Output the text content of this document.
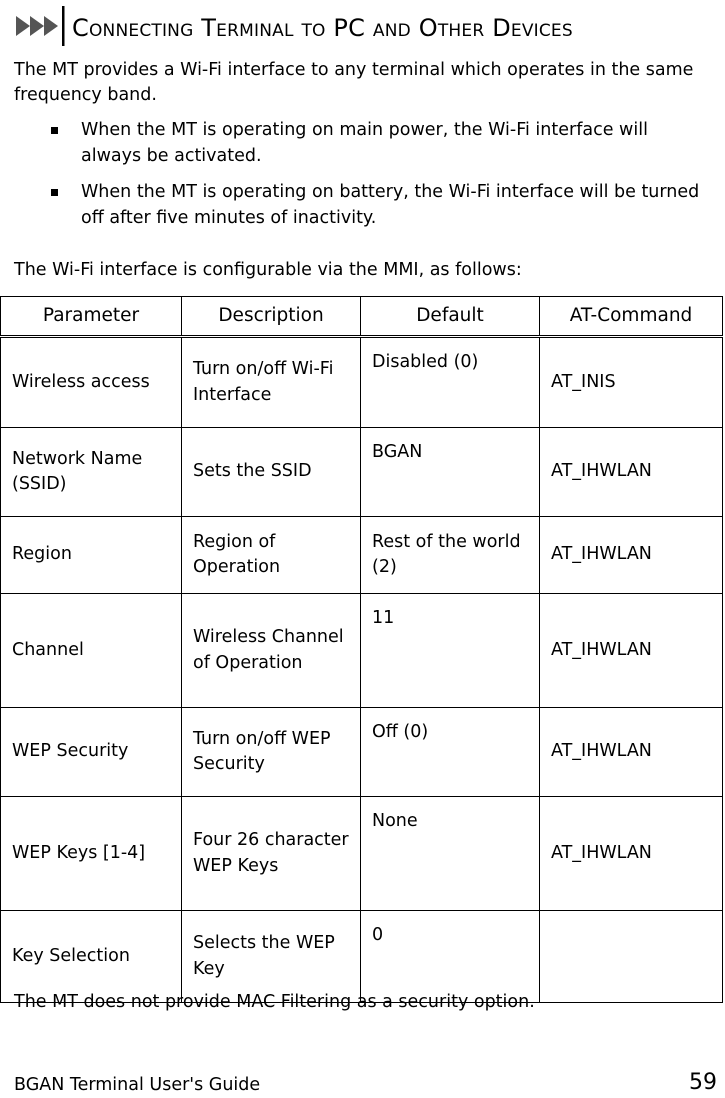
Connecting Terminal to PC and Other Devices

The MT provides a Wi-Fi interface to any terminal which operates in the same frequency band.

When the MT is operating on main power, the Wi-Fi interface will always be activated.
When the MT is operating on battery, the Wi-Fi interface will be turned off after five minutes of inactivity.

The Wi-Fi interface is configurable via the MMI, as follows:

Parameter	Description	Default	AT-Command
Wireless access	Turn on/off Wi-Fi Interface	Disabled (0)	AT_INIS
Network Name (SSID)	Sets the SSID	BGAN	AT_IHWLAN
Region	Region of Operation	Rest of the world (2)	AT_IHWLAN
Channel	Wireless Channel of Operation	11	AT_IHWLAN
WEP Security	Turn on/off WEP Security	Off (0)	AT_IHWLAN
WEP Keys [1-4]	Four 26 character WEP Keys	None	AT_IHWLAN
Key Selection	Selects the WEP Key	0	

The MT does not provide MAC Filtering as a security option.

BGAN Terminal User's Guide	59
